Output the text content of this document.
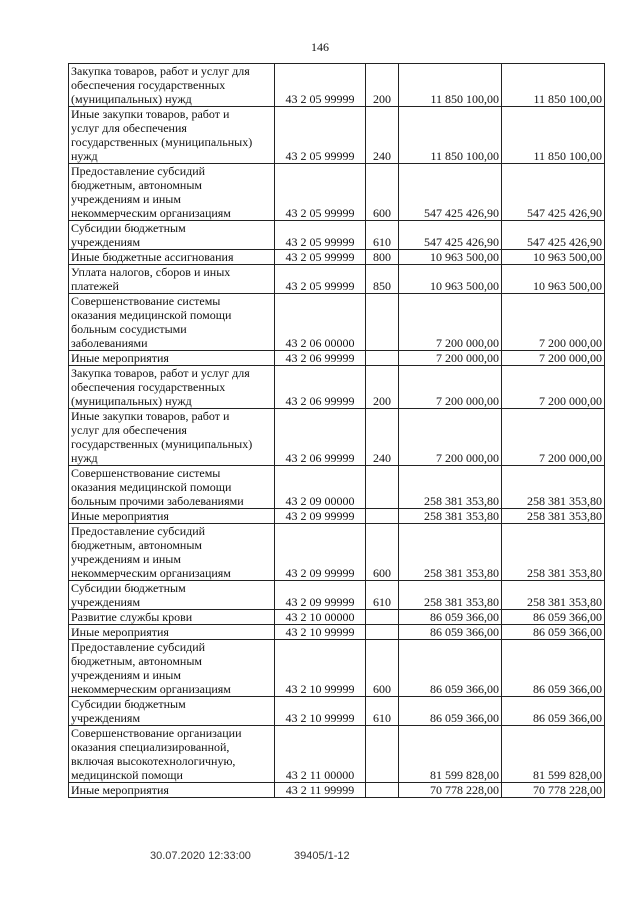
146
Закупка товаров, работ и услуг для
обеспечения государственных
(муниципальных) нужд	43 2 05 99999	200	11 850 100,00	11 850 100,00

Иные закупки товаров, работ и
услуг для обеспечения
государственных (муниципальных)
нужд	43 2 05 99999	240	11 850 100,00	11 850 100,00

Предоставление субсидий
бюджетным, автономным
учреждениям и иным
некоммерческим организациям	43 2 05 99999	600	547 425 426,90	547 425 426,90

Субсидии бюджетным
учреждениям	43 2 05 99999	610	547 425 426,90	547 425 426,90

Иные бюджетные ассигнования	43 2 05 99999	800	10 963 500,00	10 963 500,00

Уплата налогов, сборов и иных
платежей	43 2 05 99999	850	10 963 500,00	10 963 500,00

Совершенствование системы
оказания медицинской помощи
больным сосудистыми
заболеваниями	43 2 06 00000		7 200 000,00	7 200 000,00

Иные мероприятия	43 2 06 99999		7 200 000,00	7 200 000,00

Закупка товаров, работ и услуг для
обеспечения государственных
(муниципальных) нужд	43 2 06 99999	200	7 200 000,00	7 200 000,00

Иные закупки товаров, работ и
услуг для обеспечения
государственных (муниципальных)
нужд	43 2 06 99999	240	7 200 000,00	7 200 000,00

Совершенствование системы
оказания медицинской помощи
больным прочими заболеваниями	43 2 09 00000		258 381 353,80	258 381 353,80

Иные мероприятия	43 2 09 99999		258 381 353,80	258 381 353,80

Предоставление субсидий
бюджетным, автономным
учреждениям и иным
некоммерческим организациям	43 2 09 99999	600	258 381 353,80	258 381 353,80

Субсидии бюджетным
учреждениям	43 2 09 99999	610	258 381 353,80	258 381 353,80

Развитие службы крови	43 2 10 00000		86 059 366,00	86 059 366,00

Иные мероприятия	43 2 10 99999		86 059 366,00	86 059 366,00

Предоставление субсидий
бюджетным, автономным
учреждениям и иным
некоммерческим организациям	43 2 10 99999	600	86 059 366,00	86 059 366,00

Субсидии бюджетным
учреждениям	43 2 10 99999	610	86 059 366,00	86 059 366,00

Совершенствование организации
оказания специализированной,
включая высокотехнологичную,
медицинской помощи	43 2 11 00000		81 599 828,00	81 599 828,00

Иные мероприятия	43 2 11 99999		70 778 228,00	70 778 228,00
30.07.2020 12:33:00	39405/1-12
